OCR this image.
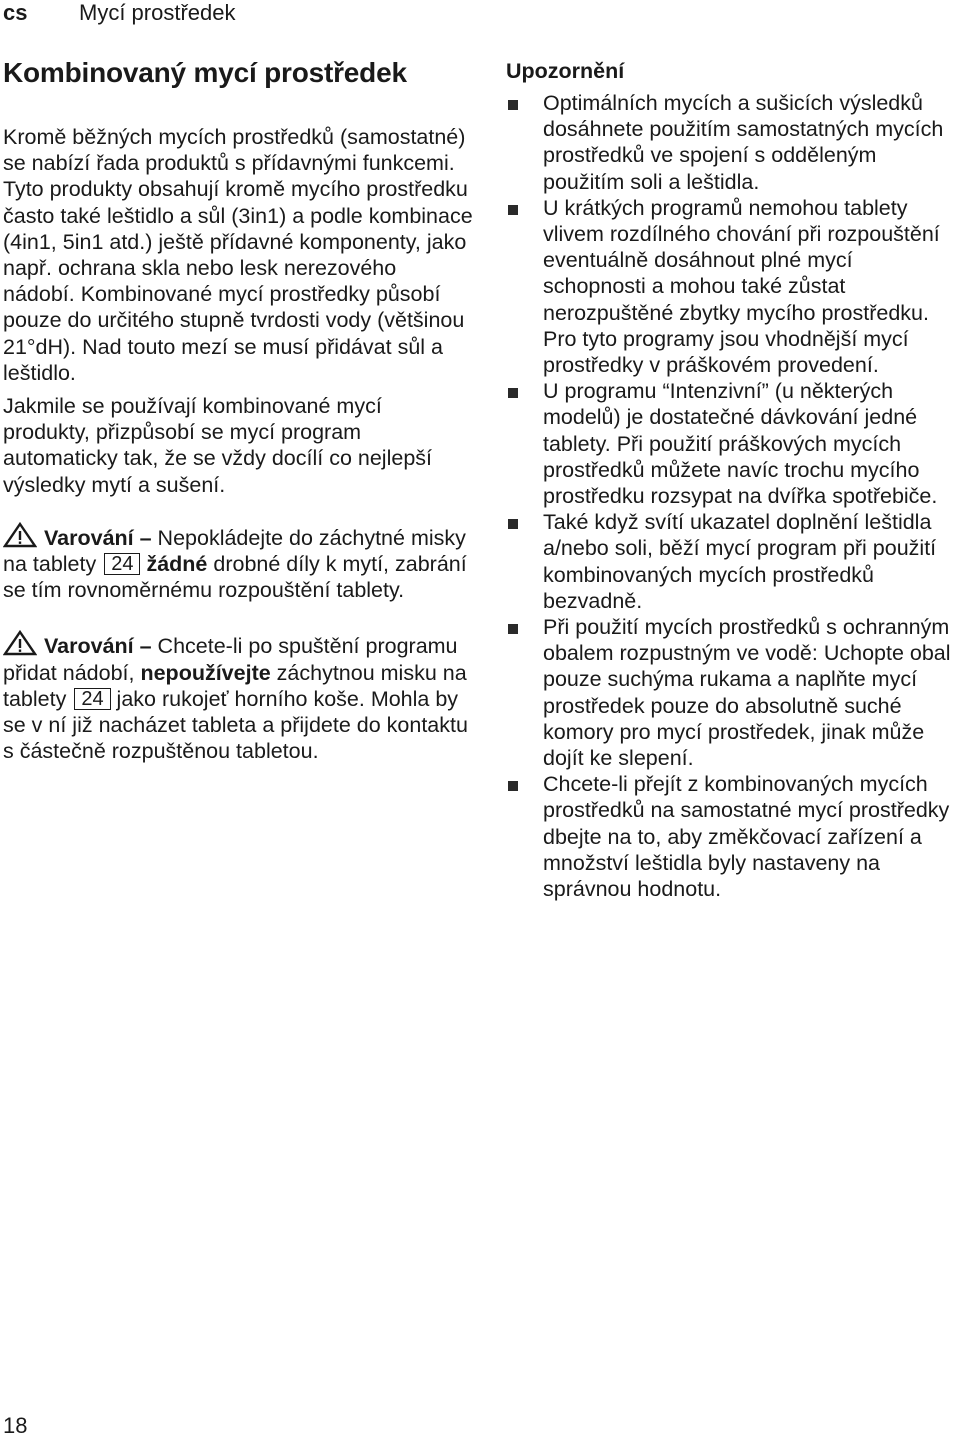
cs Mycí prostředek
Kombinovaný mycí prostředek

Kromě běžných mycích prostředků (samostatné) se nabízí řada produktů s přídavnými funkcemi. Tyto produkty obsahují kromě mycího prostředku často také leštidlo a sůl (3in1) a podle kombinace (4in1, 5in1 atd.) ještě přídavné komponenty, jako např. ochrana skla nebo lesk nerezového nádobí. Kombinované mycí prostředky působí pouze do určitého stupně tvrdosti vody (většinou 21°dH). Nad touto mezí se musí přidávat sůl a leštidlo.

Jakmile se používají kombinované mycí produkty, přizpůsobí se mycí program automaticky tak, že se vždy docílí co nejlepší výsledky mytí a sušení.

Varování – Nepokládejte do záchytné misky na tablety 24 žádné drobné díly k mytí, zabrání se tím rovnoměrnému rozpouštění tablety.

Varování – Chcete‑li po spuštění programu přidat nádobí, nepoužívejte záchytnou misku na tablety 24 jako rukojeť horního koše. Mohla by se v ní již nacházet tableta a přijdete do kontaktu s částečně rozpuštěnou tabletou.

Upozornění
Optimálních mycích a sušicích výsledků dosáhnete použitím samostatných mycích prostředků ve spojení s odděleným použitím soli a leštidla.
U krátkých programů nemohou tablety vlivem rozdílného chování při rozpouštění eventuálně dosáhnout plné mycí schopnosti a mohou také zůstat nerozpuštěné zbytky mycího prostředku. Pro tyto programy jsou vhodnější mycí prostředky v práškovém provedení.
U programu “Intenzivní” (u některých modelů) je dostatečné dávkování jedné tablety. Při použití práškových mycích prostředků můžete navíc trochu mycího prostředku rozsypat na dvířka spotřebiče.
Také když svítí ukazatel doplnění leštidla a/nebo soli, běží mycí program při použití kombinovaných mycích prostředků bezvadně.
Při použití mycích prostředků s ochranným obalem rozpustným ve vodě: Uchopte obal pouze suchýma rukama a naplňte mycí prostředek pouze do absolutně suché komory pro mycí prostředek, jinak může dojít ke slepení.
Chcete‑li přejít z kombinovaných mycích prostředků na samostatné mycí prostředky dbejte na to, aby změkčovací zařízení a množství leštidla byly nastaveny na správnou hodnotu.
18
